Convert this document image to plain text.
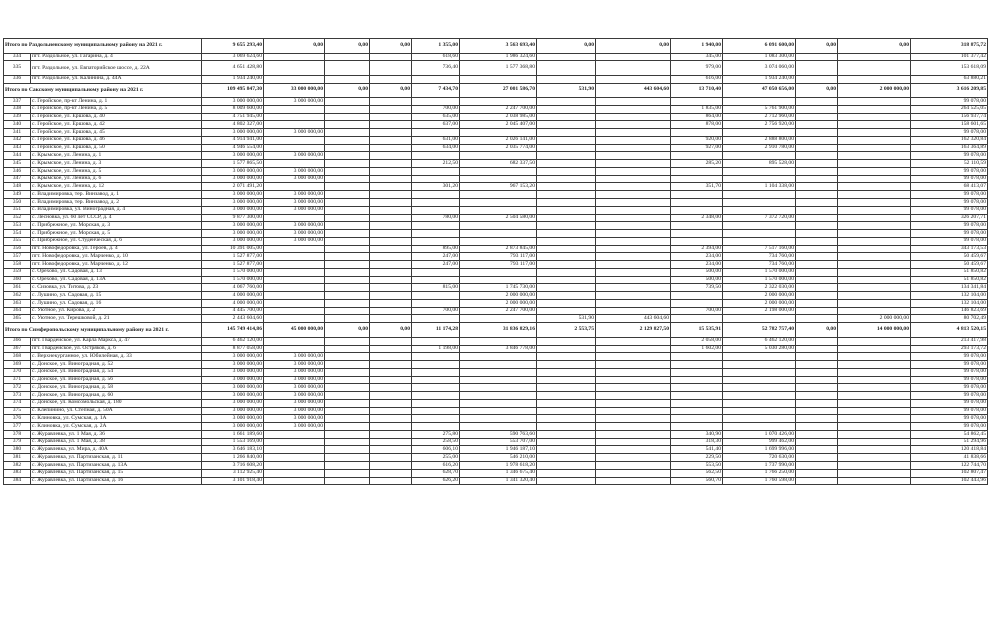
Итого по Раздольненскому муниципальному району на 2021 г.		9 655 293,40	0,00	0,00	0,00	1 355,00	3 563 693,40	0,00	0,00	1 940,00	6 091 600,00	0,00	0,00	318 875,72
334	пгт. Раздольное, ул. Гагарина, д. 4	3 069 624,60				618,60	1 986 324,60			345,00	1 083 300,00			101 377,42
335	пгт. Раздольное, ул. Евпаторийское шоссе, д. 22А	4 651 428,80				736,40	1 577 368,80			979,00	3 074 060,00			153 618,09
336	пгт. Раздольное, ул. Калинина, д. 44А	1 934 240,00								616,00	1 934 240,00			63 880,21
Итого по Сакскому муниципальному району на 2021 г.		109 495 847,30	33 000 000,00	0,00	0,00	7 434,70	27 001 586,70	531,90	443 604,60	13 710,40	47 050 656,00	0,00	2 000 000,00	3 616 209,85
337	с. Геройское, пр-кт Ленина, д. 1	3 000 000,00	3 000 000,00											99 078,00
338	с. Геройское, пр-кт Ленина, д. 5	8 009 600,00				700,00	2 247 700,00			1 835,00	5 761 900,00			264 525,05
339	с. Геройское, ул. Ершова, д. 40	4 751 945,00				635,00	2 038 985,00			864,00	2 712 960,00			156 937,74
340	с. Геройское, ул. Ершова, д. 42	4 802 327,00				637,00	2 045 407,00			878,00	2 756 920,00			158 601,65
341	с. Геройское, ул. Ершова, д. 45	3 000 000,00	3 000 000,00											99 078,00
342	с. Геройское, ул. Ершова, д. 46	4 914 941,00				631,00	2 026 141,00			920,00	2 888 800,00			162 320,84
343	с. Геройское, ул. Ершова, д. 50	4 946 554,00				634,00	2 035 774,00			927,00	2 910 780,00			163 364,89
344	с. Крымское, ул. Ленина, д. 1	3 000 000,00	3 000 000,00											99 078,00
345	с. Крымское, ул. Ленина, д. 3	1 577 865,50				212,50	682 337,50			285,20	895 528,00			52 110,59
346	с. Крымское, ул. Ленина, д. 5	3 000 000,00	3 000 000,00											99 078,00
347	с. Крымское, ул. Ленина, д. 6	3 000 000,00	3 000 000,00											99 078,00
348	с. Крымское, ул. Ленина, д. 12	2 071 491,20				301,20	967 153,20			351,70	1 104 338,00			68 413,07
349	с. Владимировка, тер. Винзавод, д. 1	3 000 000,00	3 000 000,00											99 078,00
350	с. Владимировка, тер. Винзавод, д. 2	3 000 000,00	3 000 000,00											99 078,00
351	с. Владимировка, ул. Виноградная, д. 4	3 000 000,00	3 000 000,00											99 078,00
352	с. Лесновка, ул. 60 лет СССР, д. 4	9 877 300,00				780,00	2 504 580,00			2 348,00	7 372 720,00			326 207,71
353	с. Прибрежное, ул. Морская, д. 3	3 000 000,00	3 000 000,00											99 078,00
354	с. Прибрежное, ул. Морская, д. 5	3 000 000,00	3 000 000,00											99 078,00
355	с. Прибрежное, ул. Студенческая, д. 6	3 000 000,00	3 000 000,00											99 078,00
356	пгт. Новофедоровка, ул. Героев, д. 4	10 391 005,00				895,00	2 873 845,00			2 394,00	7 517 160,00			343 173,53
357	пгт. Новофедоровка, ул. Марченко, д. 10	1 527 877,00				247,00	793 117,00			234,00	734 760,00			50 459,67
358	пгт. Новофедоровка, ул. Марченко, д. 12	1 527 877,00				247,00	793 117,00			234,00	734 760,00			50 459,67
359	с. Орехово, ул. Садовая, д. 13	1 570 000,00								500,00	1 570 000,00			51 850,82
360	с. Орехово, ул. Садовая, д. 13А	1 570 000,00								500,00	1 570 000,00			51 850,82
361	с. Сизовка, ул. Титова, д. 23	4 067 760,00				815,00	1 745 730,00			739,50	2 322 030,00			134 341,84
362	с. Лушино, ул. Садовая, д. 15	4 000 000,00					2 000 000,00				2 000 000,00			132 104,00
363	с. Лушино, ул. Садовая, д. 16	4 000 000,00					2 000 000,00				2 000 000,00			132 104,00
364	с. Уютное, ул. Кирова, д. 2	4 445 700,00				700,00	2 247 700,00			700,00	2 198 000,00			146 823,69
365	с. Уютное, ул. Терешковой, д. 21	2 443 604,60						531,90	443 604,60				2 000 000,00	80 702,49
Итого по Симферопольскому муниципальному району на 2021 г.		145 749 414,86	45 000 000,00	0,00	0,00	11 174,28	31 836 829,16	2 553,75	2 129 827,50	15 535,91	52 782 757,40	0,00	14 000 000,00	4 813 520,15
366	пгт. Гвардейское, ул. Карла Маркса, д. 47	6 462 120,00								2 058,00	6 462 120,00			213 417,98
367	пгт. Гвардейское, ул. Остряков, д. 6	8 877 058,00				1 198,00	3 846 778,00			1 602,00	5 030 280,00			293 173,72
368	с. Верхнекурганное, ул. Юбилейная, д. 33	3 000 000,00	3 000 000,00											99 078,00
369	с. Донское, ул. Виноградная, д. 52	3 000 000,00	3 000 000,00											99 078,00
370	с. Донское, ул. Виноградная, д. 54	3 000 000,00	3 000 000,00											99 078,00
371	с. Донское, ул. Виноградная, д. 56	3 000 000,00	3 000 000,00											99 078,00
372	с. Донское, ул. Виноградная, д. 58	3 000 000,00	3 000 000,00											99 078,00
373	с. Донское, ул. Виноградная, д. 60	3 000 000,00	3 000 000,00											99 078,00
374	с. Донское, ул. Комсомольская, д. 180	3 000 000,00	3 000 000,00											99 078,00
375	с. Клепинино, ул. Степная, д. 50А	3 000 000,00	3 000 000,00											99 078,00
376	с. Клиновка, ул. Сумская, д. 1А	3 000 000,00	3 000 000,00											99 078,00
377	с. Клиновка, ул. Сумская, д. 2А	3 000 000,00	3 000 000,00											99 078,00
378	с. Журавлевка, ул. 1 Мая, д. 36	1 661 189,60				275,80	590 763,60			340,90	1 070 426,00			54 862,45
379	с. Журавлевка, ул. 1 Мая, д. 38	1 553 169,00				258,50	553 707,00			318,30	999 462,00			51 294,96
380	с. Журавлевка, ул. Мира, д. 40А	3 646 183,10				606,10	1 946 187,10			541,40	1 699 996,00			120 418,84
381	с. Журавлевка, ул. Партизанская, д. 11	1 266 840,00				255,00	546 210,00			229,50	720 630,00			41 838,66
382	с. Журавлевка, ул. Партизанская, д. 13А	3 716 608,20				616,20	1 978 618,20			553,50	1 737 990,00			122 744,70
383	с. Журавлевка, ул. Партизанская, д. 15	3 112 925,40				628,70	1 346 675,40			562,50	1 766 250,00			102 807,47
384	с. Журавлевка, ул. Партизанская, д. 16	3 101 918,40				626,20	1 341 320,40			560,70	1 760 598,00			102 443,96
